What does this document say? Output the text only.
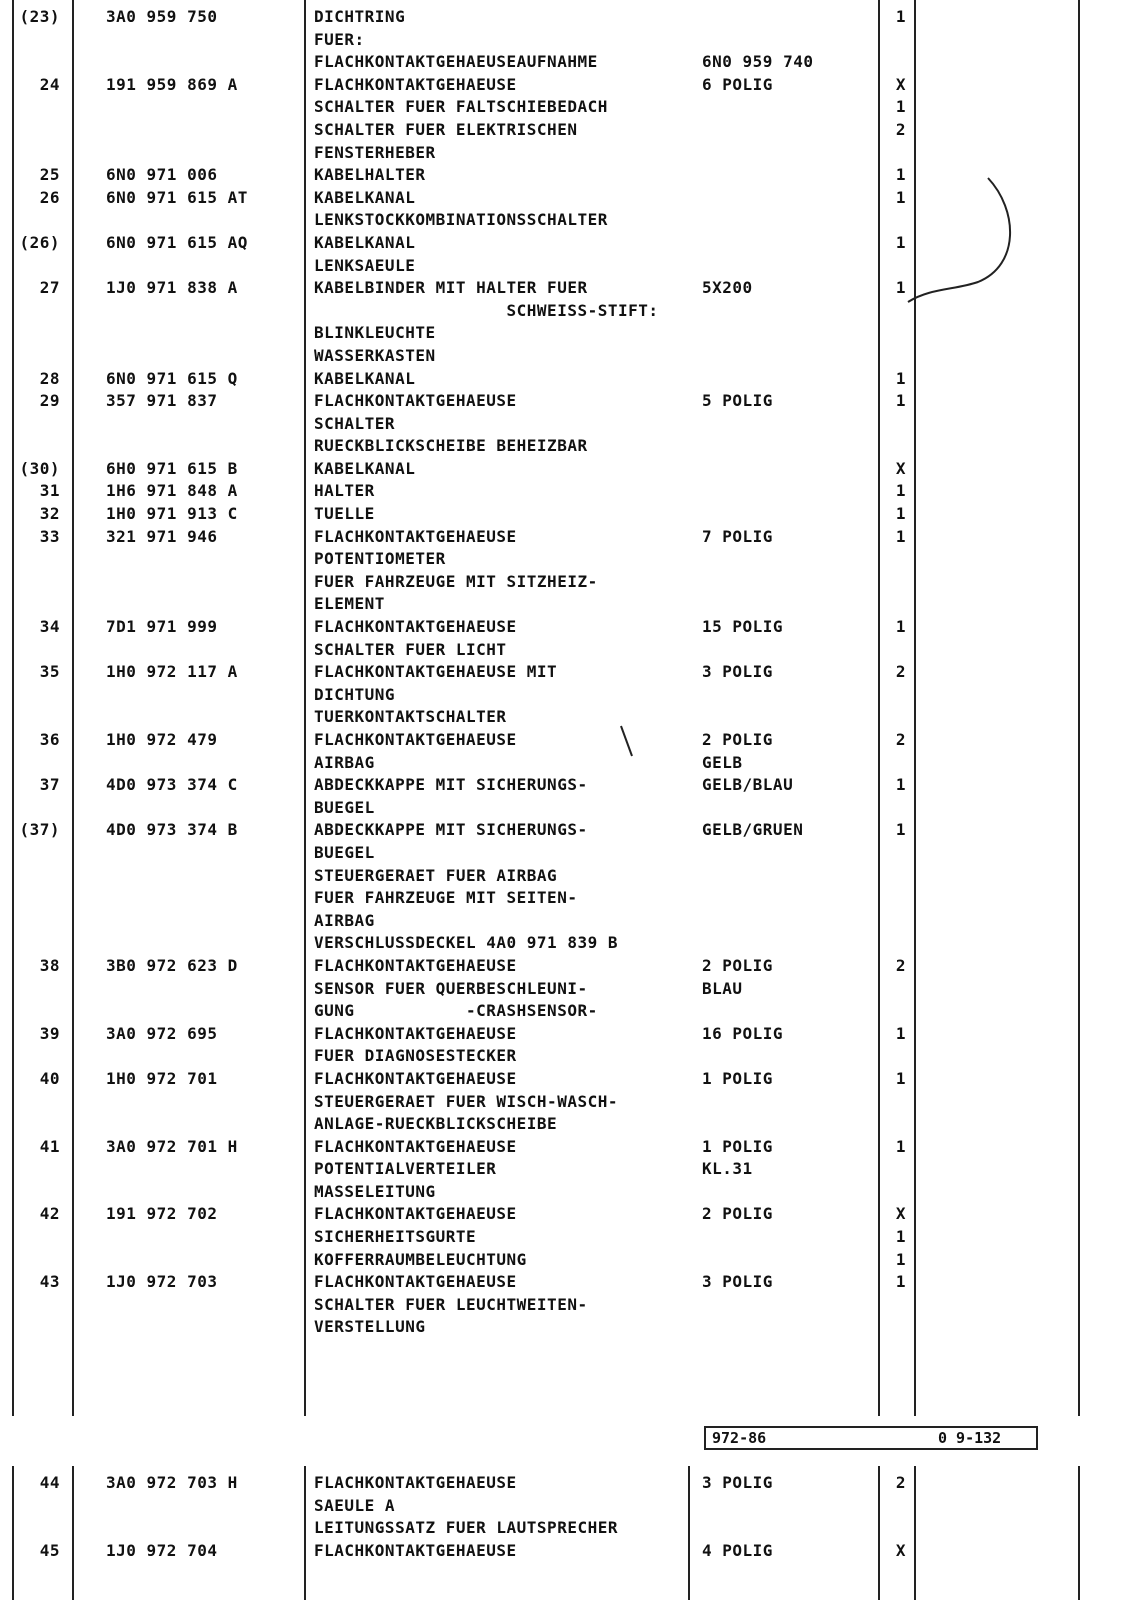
(23)	3A0 959 750	DICHTRING	1
FUER:
FLACHKONTAKTGEHAEUSEAUFNAHME	6N0 959 740
24	191 959 869 A	FLACHKONTAKTGEHAEUSE	6 POLIG	X
SCHALTER FUER FALTSCHIEBEDACH	1
SCHALTER FUER ELEKTRISCHEN	2
FENSTERHEBER
25	6N0 971 006	KABELHALTER	1
26	6N0 971 615 AT	KABELKANAL	1
LENKSTOCKKOMBINATIONSSCHALTER
(26)	6N0 971 615 AQ	KABELKANAL	1
LENKSAEULE
27	1J0 971 838 A	KABELBINDER MIT HALTER FUER	5X200	1
SCHWEISS-STIFT:
BLINKLEUCHTE
WASSERKASTEN
28	6N0 971 615 Q	KABELKANAL	1
29	357 971 837	FLACHKONTAKTGEHAEUSE	5 POLIG	1
SCHALTER
RUECKBLICKSCHEIBE BEHEIZBAR
(30)	6H0 971 615 B	KABELKANAL	X
31	1H6 971 848 A	HALTER	1
32	1H0 971 913 C	TUELLE	1
33	321 971 946	FLACHKONTAKTGEHAEUSE	7 POLIG	1
POTENTIOMETER
FUER FAHRZEUGE MIT SITZHEIZ-
ELEMENT
34	7D1 971 999	FLACHKONTAKTGEHAEUSE	15 POLIG	1
SCHALTER FUER LICHT
35	1H0 972 117 A	FLACHKONTAKTGEHAEUSE MIT	3 POLIG	2
DICHTUNG
TUERKONTAKTSCHALTER
36	1H0 972 479	FLACHKONTAKTGEHAEUSE	2 POLIG	2
AIRBAG	GELB
37	4D0 973 374 C	ABDECKKAPPE MIT SICHERUNGS-	GELB/BLAU	1
BUEGEL
(37)	4D0 973 374 B	ABDECKKAPPE MIT SICHERUNGS-	GELB/GRUEN	1
BUEGEL
STEUERGERAET FUER AIRBAG
FUER FAHRZEUGE MIT SEITEN-
AIRBAG
VERSCHLUSSDECKEL 4A0 971 839 B
38	3B0 972 623 D	FLACHKONTAKTGEHAEUSE	2 POLIG	2
SENSOR FUER QUERBESCHLEUNI-	BLAU
GUNG           -CRASHSENSOR-
39	3A0 972 695	FLACHKONTAKTGEHAEUSE	16 POLIG	1
FUER DIAGNOSESTECKER
40	1H0 972 701	FLACHKONTAKTGEHAEUSE	1 POLIG	1
STEUERGERAET FUER WISCH-WASCH-
ANLAGE-RUECKBLICKSCHEIBE
41	3A0 972 701 H	FLACHKONTAKTGEHAEUSE	1 POLIG	1
POTENTIALVERTEILER	KL.31
MASSELEITUNG
42	191 972 702	FLACHKONTAKTGEHAEUSE	2 POLIG	X
SICHERHEITSGURTE	1
KOFFERRAUMBELEUCHTUNG	1
43	1J0 972 703	FLACHKONTAKTGEHAEUSE	3 POLIG	1
SCHALTER FUER LEUCHTWEITEN-
VERSTELLUNG
972-86	0 9-132
44	3A0 972 703 H	FLACHKONTAKTGEHAEUSE	3 POLIG	2
SAEULE A
LEITUNGSSATZ FUER LAUTSPRECHER
45	1J0 972 704	FLACHKONTAKTGEHAEUSE	4 POLIG	X
